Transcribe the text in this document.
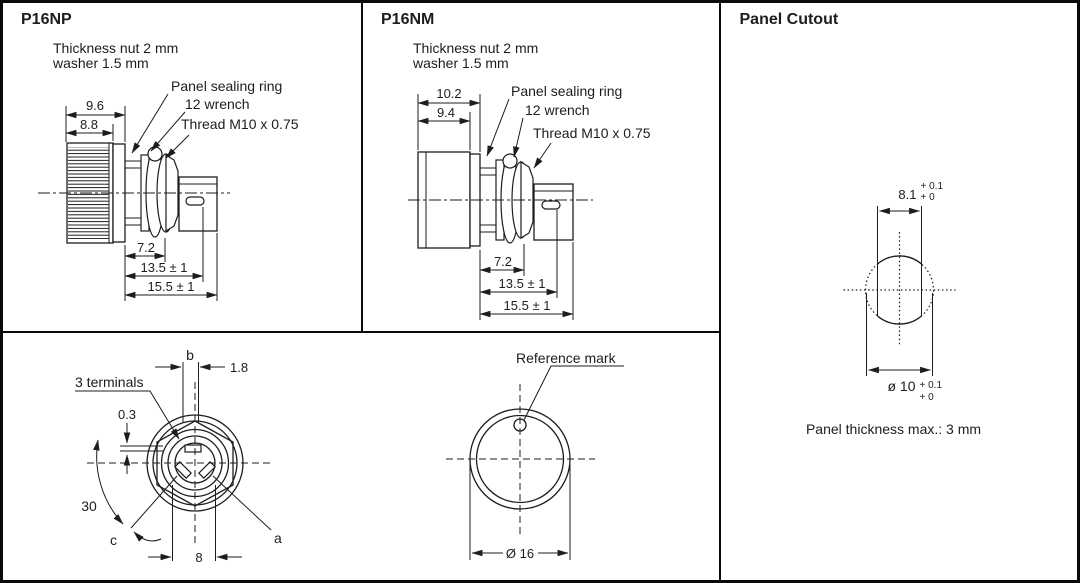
P16NP
Thickness nut 2 mm
washer 1.5 mm
Panel sealing ring
12 wrench
Thread M10 x 0.75
9.6
8.8
7.2
13.5 ± 1
15.5 ± 1
P16NM
Thickness nut 2 mm
washer 1.5 mm
Panel sealing ring
12 wrench
Thread M10 x 0.75
10.2
9.4
7.2
13.5 ± 1
15.5 ± 1
b
1.8
3 terminals
0.3
30
c	a
8
Reference mark
Ø 16
Panel Cutout
8.1
+ 0.1
+ 0
ø 10 + 0.1
+ 0
Panel thickness max.: 3 mm
